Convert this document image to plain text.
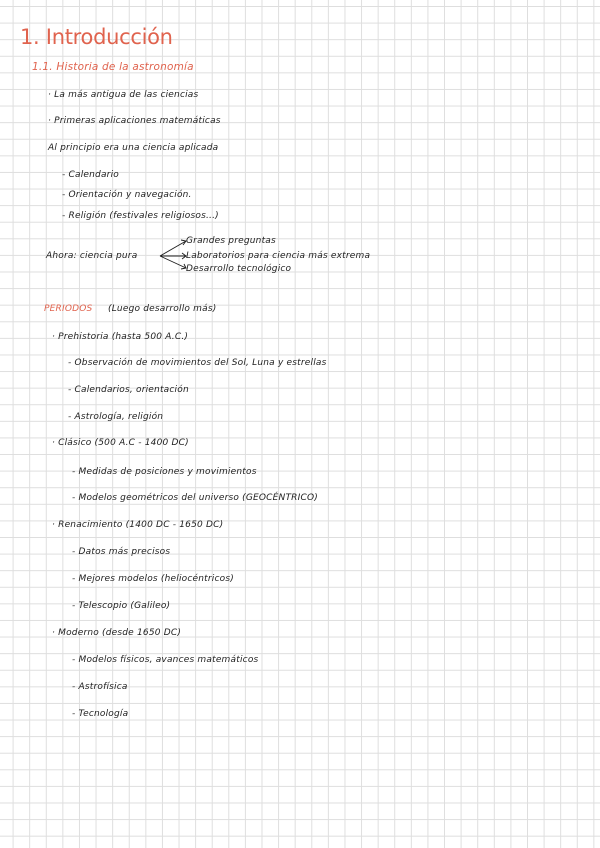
1. Introducción
1.1. Historia de la astronomía
· La más antigua de las ciencias
· Primeras aplicaciones matemáticas
Al principio era una ciencia aplicada
- Calendario
- Orientación y navegación.
- Religión (festivales religiosos...)
Ahora: ciencia pura
Grandes preguntas
Laboratorios para ciencia más extrema
Desarrollo tecnológico
PERIODOS (Luego desarrollo más)
· Prehistoria (hasta 500 A.C.)
- Observación de movimientos del Sol, Luna y estrellas
- Calendarios, orientación
- Astrología, religión
· Clásico (500 A.C - 1400 DC)
- Medidas de posiciones y movimientos
- Modelos geométricos del universo (GEOCÉNTRICO)
· Renacimiento (1400 DC - 1650 DC)
- Datos más precisos
- Mejores modelos (heliocéntricos)
- Telescopio (Galileo)
· Moderno (desde 1650 DC)
- Modelos físicos, avances matemáticos
- Astrofísica
- Tecnología
